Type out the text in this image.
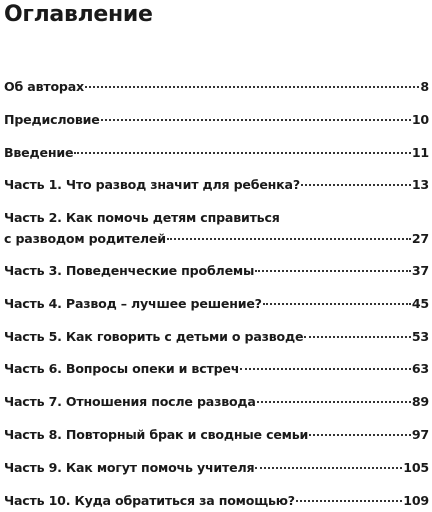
Оглавление
Об авторах	8
Предисловие	10
Введение	11
Часть 1. Что развод значит для ребенка?	13
Часть 2. Как помочь детям справиться
с разводом родителей	27
Часть 3. Поведенческие проблемы	37
Часть 4. Развод – лучшее решение?	45
Часть 5. Как говорить с детьми о разводе	53
Часть 6. Вопросы опеки и встреч	63
Часть 7. Отношения после развода	89
Часть 8. Повторный брак и сводные семьи	97
Часть 9. Как могут помочь учителя	105
Часть 10. Куда обратиться за помощью?	109
